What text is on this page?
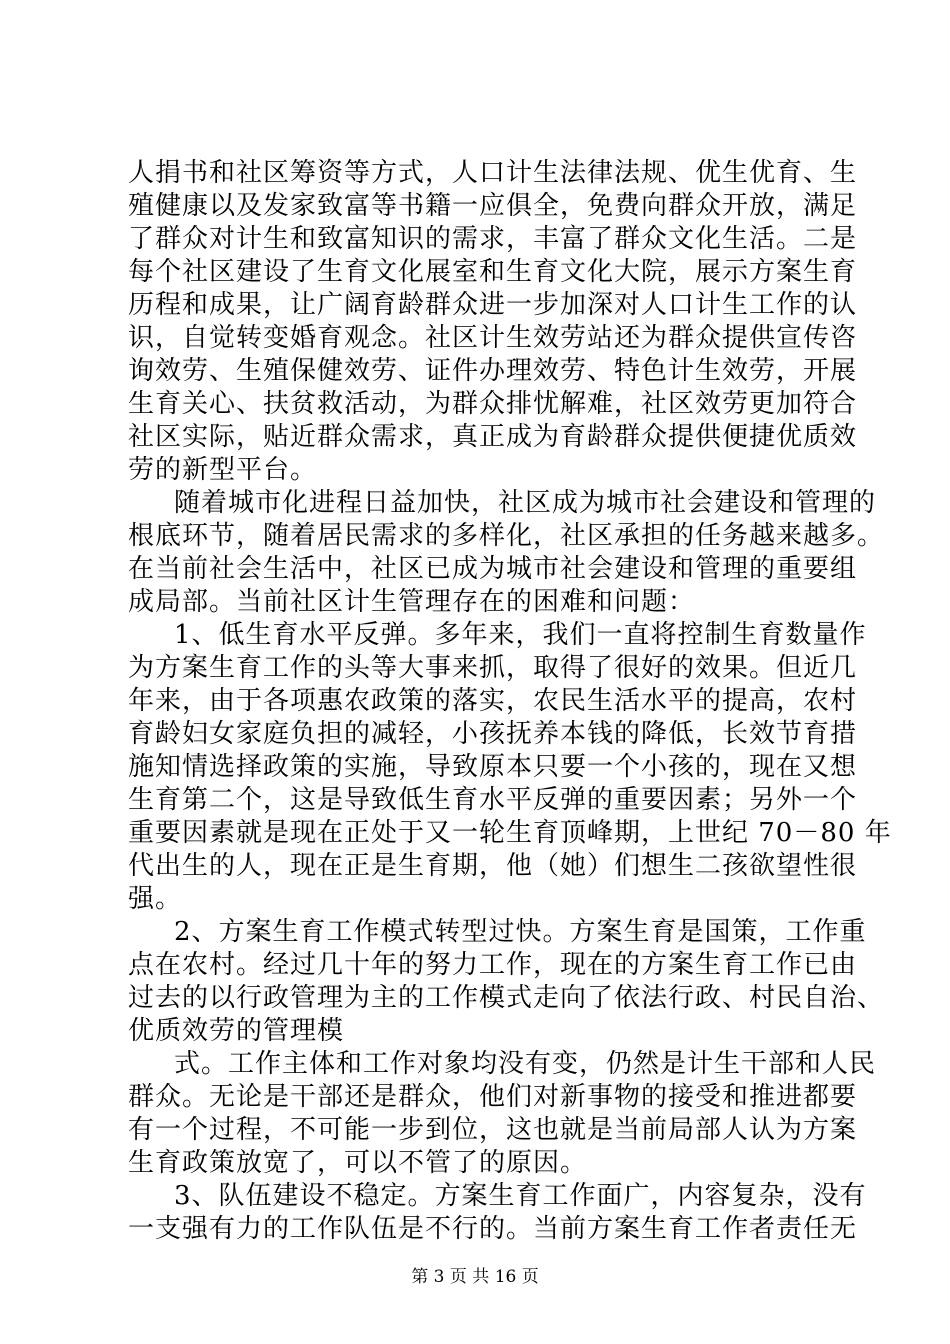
人捐书和社区筹资等方式，人口计生法律法规、优生优育、生
殖健康以及发家致富等书籍一应俱全，免费向群众开放，满足
了群众对计生和致富知识的需求，丰富了群众文化生活。二是
每个社区建设了生育文化展室和生育文化大院，展示方案生育
历程和成果，让广阔育龄群众进一步加深对人口计生工作的认
识，自觉转变婚育观念。社区计生效劳站还为群众提供宣传咨
询效劳、生殖保健效劳、证件办理效劳、特色计生效劳，开展
生育关心、扶贫救活动，为群众排忧解难，社区效劳更加符合
社区实际，贴近群众需求，真正成为育龄群众提供便捷优质效
劳的新型平台。
随着城市化进程日益加快，社区成为城市社会建设和管理的
根底环节，随着居民需求的多样化，社区承担的任务越来越多。
在当前社会生活中，社区已成为城市社会建设和管理的重要组
成局部。当前社区计生管理存在的困难和问题：
1、低生育水平反弹。多年来，我们一直将控制生育数量作
为方案生育工作的头等大事来抓，取得了很好的效果。但近几
年来，由于各项惠农政策的落实，农民生活水平的提高，农村
育龄妇女家庭负担的减轻，小孩抚养本钱的降低，长效节育措
施知情选择政策的实施，导致原本只要一个小孩的，现在又想
生育第二个，这是导致低生育水平反弹的重要因素；另外一个
重要因素就是现在正处于又一轮生育顶峰期，上世纪 70－80 年
代出生的人，现在正是生育期，他（她）们想生二孩欲望性很
强。
2、方案生育工作模式转型过快。方案生育是国策，工作重
点在农村。经过几十年的努力工作，现在的方案生育工作已由
过去的以行政管理为主的工作模式走向了依法行政、村民自治、
优质效劳的管理模
式。工作主体和工作对象均没有变，仍然是计生干部和人民
群众。无论是干部还是群众，他们对新事物的接受和推进都要
有一个过程，不可能一步到位，这也就是当前局部人认为方案
生育政策放宽了，可以不管了的原因。
3、队伍建设不稳定。方案生育工作面广，内容复杂，没有
一支强有力的工作队伍是不行的。当前方案生育工作者责任无
第 3 页 共 16 页
